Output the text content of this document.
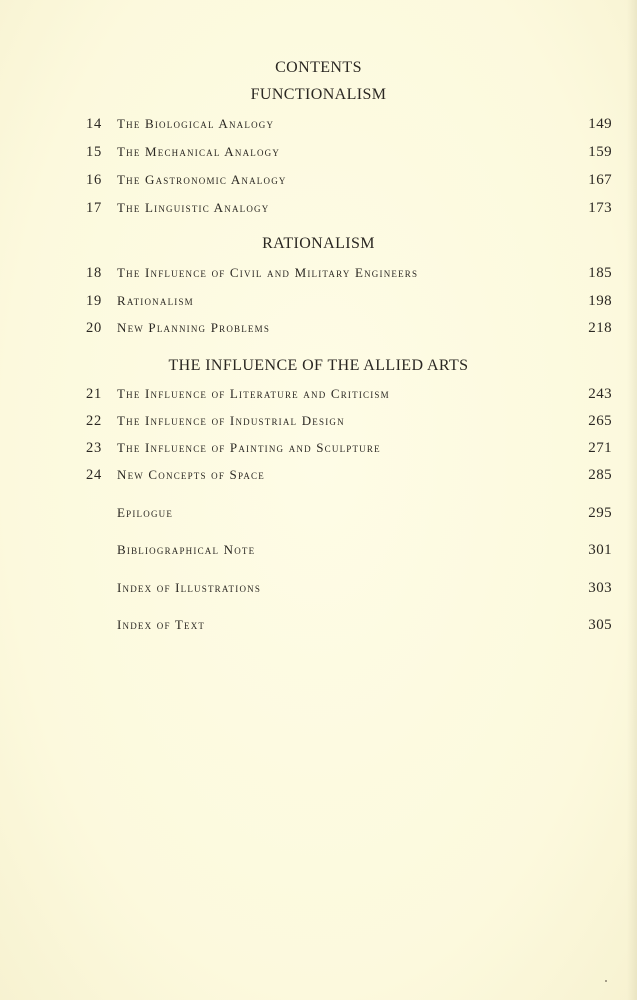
CONTENTS
FUNCTIONALISM
14	The Biological Analogy	149
15	The Mechanical Analogy	159
16	The Gastronomic Analogy	167
17	The Linguistic Analogy	173
RATIONALISM
18	The Influence of Civil and Military Engineers	185
19	Rationalism	198
20	New Planning Problems	218
THE INFLUENCE OF THE ALLIED ARTS
21	The Influence of Literature and Criticism	243
22	The Influence of Industrial Design	265
23	The Influence of Painting and Sculpture	271
24	New Concepts of Space	285
Epilogue	295
Bibliographical Note	301
Index of Illustrations	303
Index of Text	305
